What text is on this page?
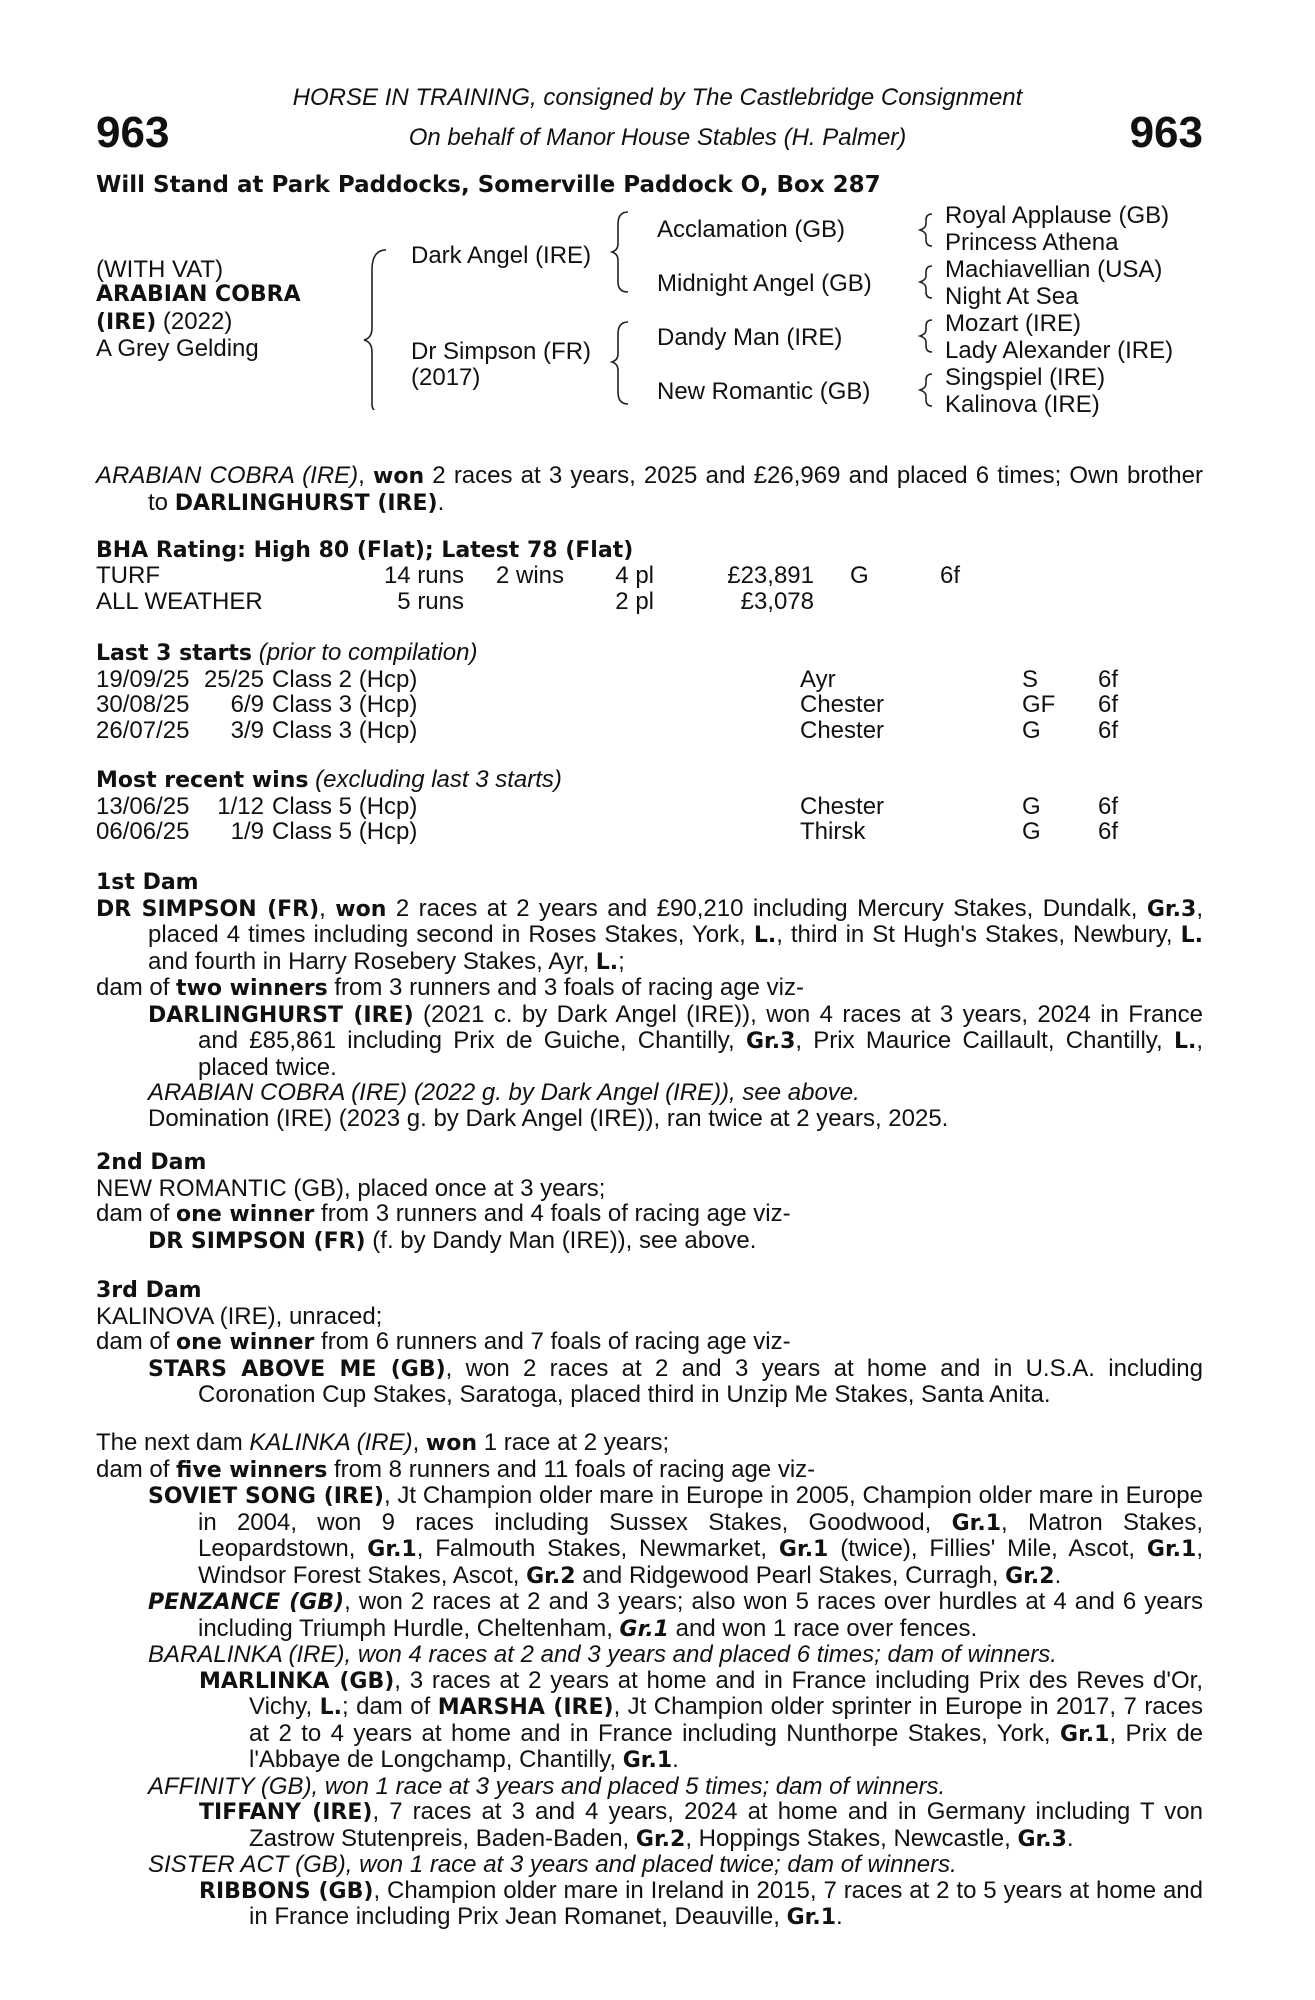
963	963
HORSE IN TRAINING, consigned by The Castlebridge Consignment
On behalf of Manor House Stables (H. Palmer)
Will Stand at Park Paddocks, Somerville Paddock O, Box 287
(WITH VAT)
ARABIAN COBRA
(IRE) (2022)
A Grey Gelding
Dark Angel (IRE)
Dr Simpson (FR)
(2017)
Acclamation (GB)
Midnight Angel (GB)
Dandy Man (IRE)
New Romantic (GB)
Royal Applause (GB)
Princess Athena
Machiavellian (USA)
Night At Sea
Mozart (IRE)
Lady Alexander (IRE)
Singspiel (IRE)
Kalinova (IRE)
ARABIAN COBRA (IRE), won 2 races at 3 years, 2025 and £26,969 and placed 6 times; Own brother to DARLINGHURST (IRE).
BHA Rating: High 80 (Flat); Latest 78 (Flat)
TURF	14 runs	2 wins	4 pl	£23,891	G	6f
ALL WEATHER	5 runs		2 pl	£3,078		
Last 3 starts (prior to compilation)
19/09/25	25/25	Class 2 (Hcp)	Ayr	S	6f
30/08/25	6/9	Class 3 (Hcp)	Chester	GF	6f
26/07/25	3/9	Class 3 (Hcp)	Chester	G	6f
Most recent wins (excluding last 3 starts)
13/06/25	1/12	Class 5 (Hcp)	Chester	G	6f
06/06/25	1/9	Class 5 (Hcp)	Thirsk	G	6f
1st Dam
DR SIMPSON (FR), won 2 races at 2 years and £90,210 including Mercury Stakes, Dundalk, Gr.3, placed 4 times including second in Roses Stakes, York, L., third in St Hugh's Stakes, Newbury, L. and fourth in Harry Rosebery Stakes, Ayr, L.;
dam of two winners from 3 runners and 3 foals of racing age viz-
DARLINGHURST (IRE) (2021 c. by Dark Angel (IRE)), won 4 races at 3 years, 2024 in France and £85,861 including Prix de Guiche, Chantilly, Gr.3, Prix Maurice Caillault, Chantilly, L., placed twice.
ARABIAN COBRA (IRE) (2022 g. by Dark Angel (IRE)), see above.
Domination (IRE) (2023 g. by Dark Angel (IRE)), ran twice at 2 years, 2025.
2nd Dam
NEW ROMANTIC (GB), placed once at 3 years;
dam of one winner from 3 runners and 4 foals of racing age viz-
DR SIMPSON (FR) (f. by Dandy Man (IRE)), see above.
3rd Dam
KALINOVA (IRE), unraced;
dam of one winner from 6 runners and 7 foals of racing age viz-
STARS ABOVE ME (GB), won 2 races at 2 and 3 years at home and in U.S.A. including Coronation Cup Stakes, Saratoga, placed third in Unzip Me Stakes, Santa Anita.
The next dam KALINKA (IRE), won 1 race at 2 years;
dam of five winners from 8 runners and 11 foals of racing age viz-
SOVIET SONG (IRE), Jt Champion older mare in Europe in 2005, Champion older mare in Europe in 2004, won 9 races including Sussex Stakes, Goodwood, Gr.1, Matron Stakes, Leopardstown, Gr.1, Falmouth Stakes, Newmarket, Gr.1 (twice), Fillies' Mile, Ascot, Gr.1, Windsor Forest Stakes, Ascot, Gr.2 and Ridgewood Pearl Stakes, Curragh, Gr.2.
PENZANCE (GB), won 2 races at 2 and 3 years; also won 5 races over hurdles at 4 and 6 years including Triumph Hurdle, Cheltenham, Gr.1 and won 1 race over fences.
BARALINKA (IRE), won 4 races at 2 and 3 years and placed 6 times; dam of winners.
MARLINKA (GB), 3 races at 2 years at home and in France including Prix des Reves d'Or, Vichy, L.; dam of MARSHA (IRE), Jt Champion older sprinter in Europe in 2017, 7 races at 2 to 4 years at home and in France including Nunthorpe Stakes, York, Gr.1, Prix de l'Abbaye de Longchamp, Chantilly, Gr.1.
AFFINITY (GB), won 1 race at 3 years and placed 5 times; dam of winners.
TIFFANY (IRE), 7 races at 3 and 4 years, 2024 at home and in Germany including T von Zastrow Stutenpreis, Baden-Baden, Gr.2, Hoppings Stakes, Newcastle, Gr.3.
SISTER ACT (GB), won 1 race at 3 years and placed twice; dam of winners.
RIBBONS (GB), Champion older mare in Ireland in 2015, 7 races at 2 to 5 years at home and in France including Prix Jean Romanet, Deauville, Gr.1.
